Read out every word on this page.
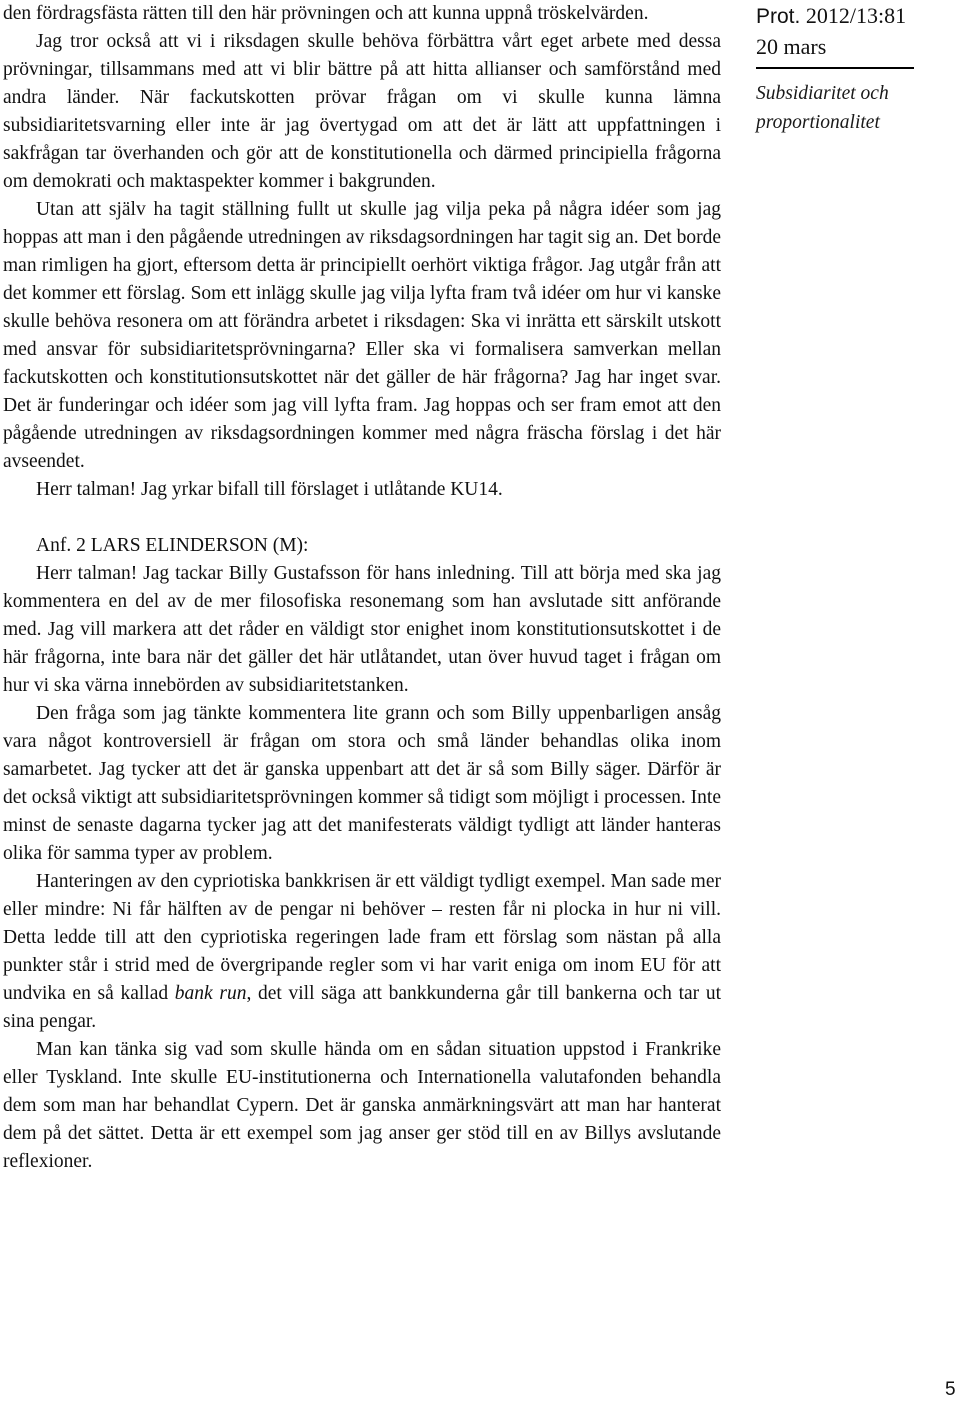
den fördragsfästa rätten till den här prövningen och att kunna uppnå tröskelvärden.

Jag tror också att vi i riksdagen skulle behöva förbättra vårt eget arbete med dessa prövningar, tillsammans med att vi blir bättre på att hitta allianser och samförstånd med andra länder. När fackutskotten prövar frågan om vi skulle kunna lämna subsidiaritetsvarning eller inte är jag övertygad om att det är lätt att uppfattningen i sakfrågan tar överhanden och gör att de konstitutionella och därmed principiella frågorna om demokrati och maktaspekter kommer i bakgrunden.

Utan att själv ha tagit ställning fullt ut skulle jag vilja peka på några idéer som jag hoppas att man i den pågående utredningen av riksdagsordningen har tagit sig an. Det borde man rimligen ha gjort, eftersom detta är principiellt oerhört viktiga frågor. Jag utgår från att det kommer ett förslag. Som ett inlägg skulle jag vilja lyfta fram två idéer om hur vi kanske skulle behöva resonera om att förändra arbetet i riksdagen: Ska vi inrätta ett särskilt utskott med ansvar för subsidiaritetsprövningarna? Eller ska vi formalisera samverkan mellan fackutskotten och konstitutionsutskottet när det gäller de här frågorna? Jag har inget svar. Det är funderingar och idéer som jag vill lyfta fram. Jag hoppas och ser fram emot att den pågående utredningen av riksdagsordningen kommer med några fräscha förslag i det här avseendet.

Herr talman! Jag yrkar bifall till förslaget i utlåtande KU14.

Anf. 2 LARS ELINDERSON (M):

Herr talman! Jag tackar Billy Gustafsson för hans inledning. Till att börja med ska jag kommentera en del av de mer filosofiska resonemang som han avslutade sitt anförande med. Jag vill markera att det råder en väldigt stor enighet inom konstitutionsutskottet i de här frågorna, inte bara när det gäller det här utlåtandet, utan över huvud taget i frågan om hur vi ska värna innebörden av subsidiaritetstanken.

Den fråga som jag tänkte kommentera lite grann och som Billy uppenbarligen ansåg vara något kontroversiell är frågan om stora och små länder behandlas olika inom samarbetet. Jag tycker att det är ganska uppenbart att det är så som Billy säger. Därför är det också viktigt att subsidiaritetsprövningen kommer så tidigt som möjligt i processen. Inte minst de senaste dagarna tycker jag att det manifesterats väldigt tydligt att länder hanteras olika för samma typer av problem.

Hanteringen av den cypriotiska bankkrisen är ett väldigt tydligt exempel. Man sade mer eller mindre: Ni får hälften av de pengar ni behöver – resten får ni plocka in hur ni vill. Detta ledde till att den cypriotiska regeringen lade fram ett förslag som nästan på alla punkter står i strid med de övergripande regler som vi har varit eniga om inom EU för att undvika en så kallad bank run, det vill säga att bankkunderna går till bankerna och tar ut sina pengar.

Man kan tänka sig vad som skulle hända om en sådan situation uppstod i Frankrike eller Tyskland. Inte skulle EU-institutionerna och Internationella valutafonden behandla dem som man har behandlat Cypern. Det är ganska anmärkningsvärt att man har hanterat dem på det sättet. Detta är ett exempel som jag anser ger stöd till en av Billys avslutande reflexioner.

Prot. 2012/13:81
20 mars
Subsidiaritet och
proportionalitet
5
